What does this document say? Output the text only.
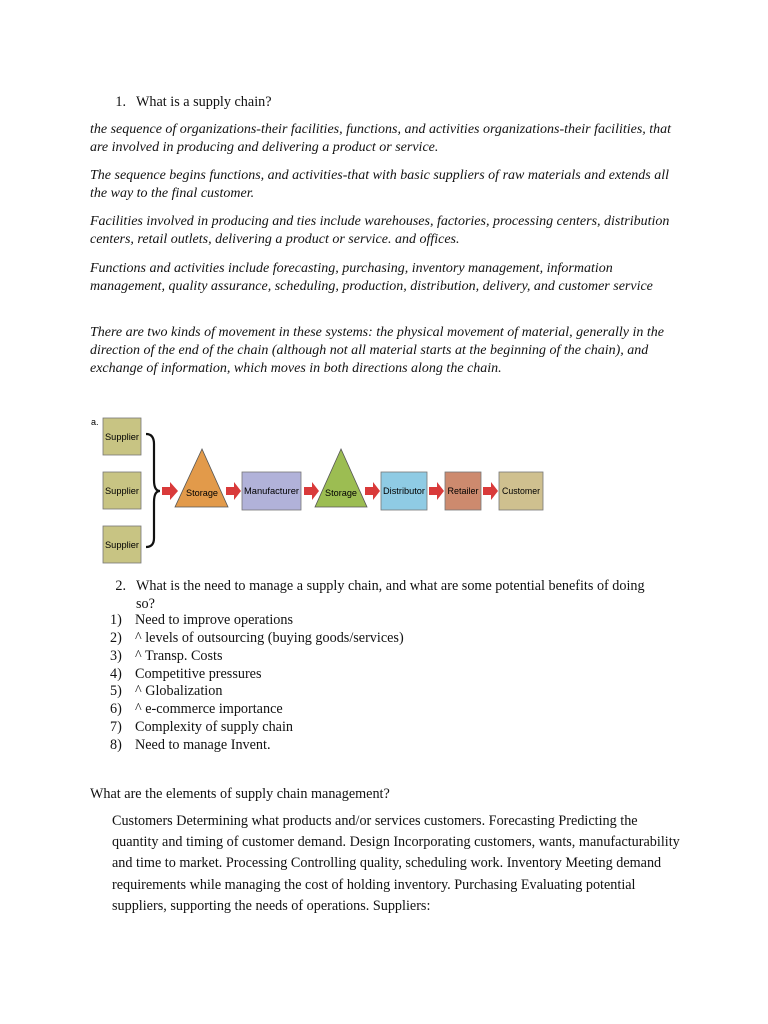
1. What is a supply chain?

the sequence of organizations-their facilities, functions, and activities organizations-their facilities, that are involved in producing and delivering a product or service.

The sequence begins functions, and activities-that with basic suppliers of raw materials and extends all the way to the final customer.

Facilities involved in producing and ties include warehouses, factories, processing centers, distribution centers, retail outlets, delivering a product or service. and offices.

Functions and activities include forecasting, purchasing, inventory management, information management, quality assurance, scheduling, production, distribution, delivery, and customer service

There are two kinds of movement in these systems: the physical movement of material, generally in the direction of the end of the chain (although not all material starts at the beginning of the chain), and exchange of information, which moves in both directions along the chain.

a.
Supplier
Supplier
Supplier
Storage	Manufacturer	Storage	Distributor	Retailer	Customer
2. What is the need to manage a supply chain, and what are some potential benefits of doing
so?
1) Need to improve operations
2) ^ levels of outsourcing (buying goods/services)
3) ^ Transp. Costs
4) Competitive pressures
5) ^ Globalization
6) ^ e-commerce importance
7) Complexity of supply chain
8) Need to manage Invent.
What are the elements of supply chain management?

Customers Determining what products and/or services customers. Forecasting Predicting the quantity and timing of customer demand. Design Incorporating customers, wants, manufacturability and time to market. Processing Controlling quality, scheduling work. Inventory Meeting demand requirements while managing the cost of holding inventory. Purchasing Evaluating potential suppliers, supporting the needs of operations. Suppliers:
